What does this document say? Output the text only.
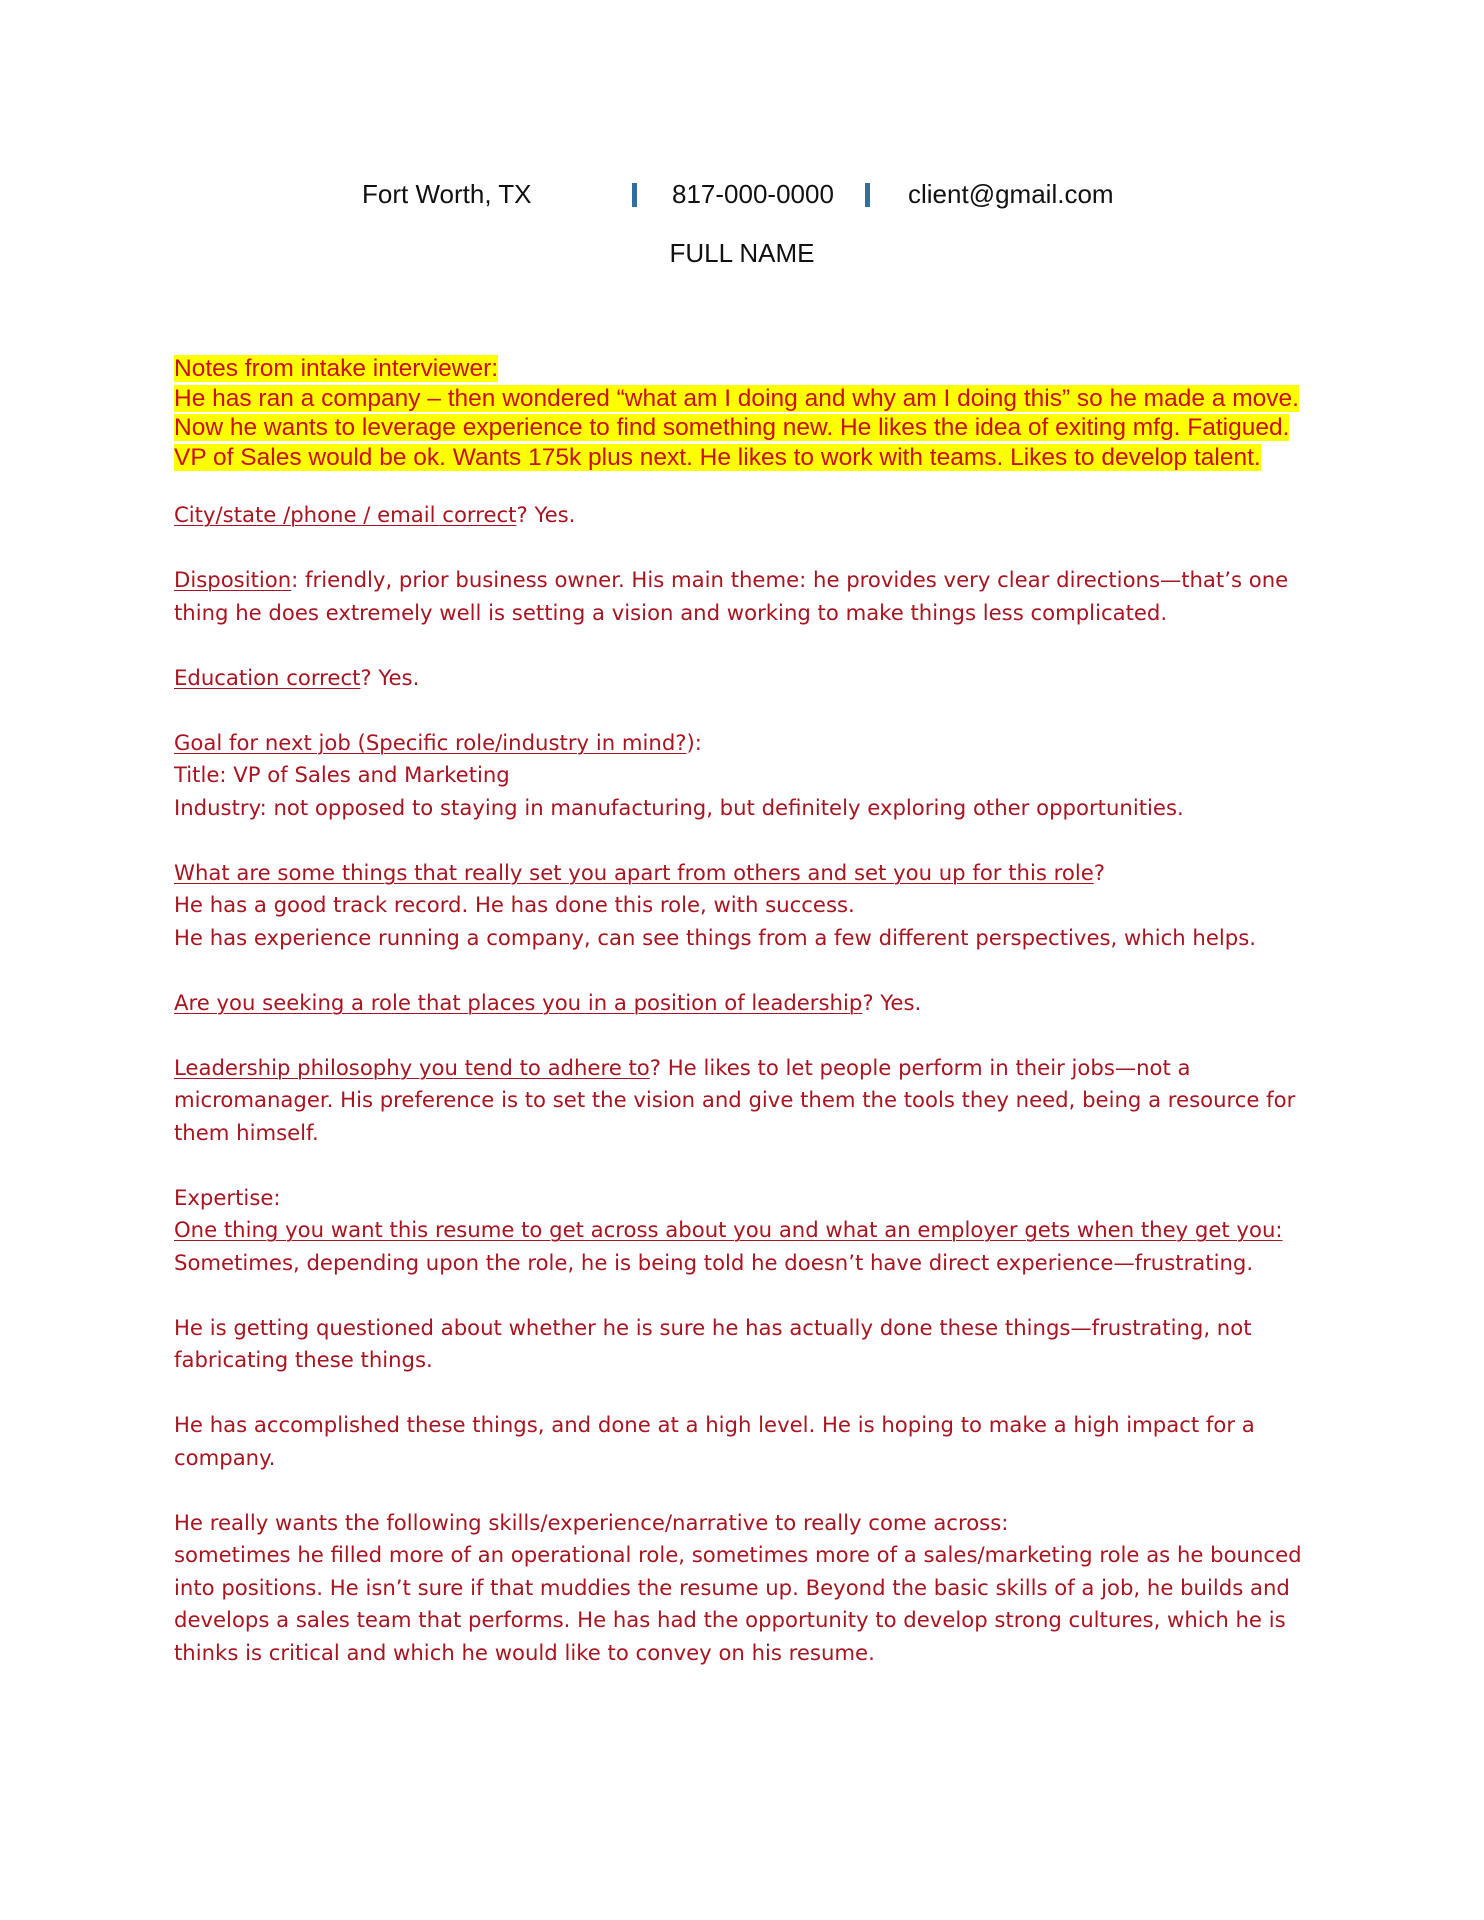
Fort Worth, TX	817-000-0000	client@gmail.com
FULL NAME
Notes from intake interviewer:
He has ran a company – then wondered “what am I doing and why am I doing this” so he made a move. Now he wants to leverage experience to find something new. He likes the idea of exiting mfg. Fatigued. VP of Sales would be ok. Wants 175k plus next. He likes to work with teams. Likes to develop talent.

City/state /phone / email correct? Yes.

Disposition: friendly, prior business owner. His main theme: he provides very clear directions—that’s one thing he does extremely well is setting a vision and working to make things less complicated.

Education correct? Yes.

Goal for next job (Specific role/industry in mind?):

Title: VP of Sales and Marketing

Industry: not opposed to staying in manufacturing, but definitely exploring other opportunities.

What are some things that really set you apart from others and set you up for this role?

He has a good track record. He has done this role, with success.

He has experience running a company, can see things from a few different perspectives, which helps.

Are you seeking a role that places you in a position of leadership? Yes.

Leadership philosophy you tend to adhere to? He likes to let people perform in their jobs—not a micromanager. His preference is to set the vision and give them the tools they need, being a resource for them himself.

Expertise:

One thing you want this resume to get across about you and what an employer gets when they get you:

Sometimes, depending upon the role, he is being told he doesn’t have direct experience—frustrating.

He is getting questioned about whether he is sure he has actually done these things—frustrating, not fabricating these things.

He has accomplished these things, and done at a high level. He is hoping to make a high impact for a company.

He really wants the following skills/experience/narrative to really come across:

sometimes he filled more of an operational role, sometimes more of a sales/marketing role as he bounced into positions. He isn’t sure if that muddies the resume up. Beyond the basic skills of a job, he builds and develops a sales team that performs. He has had the opportunity to develop strong cultures, which he is thinks is critical and which he would like to convey on his resume.
